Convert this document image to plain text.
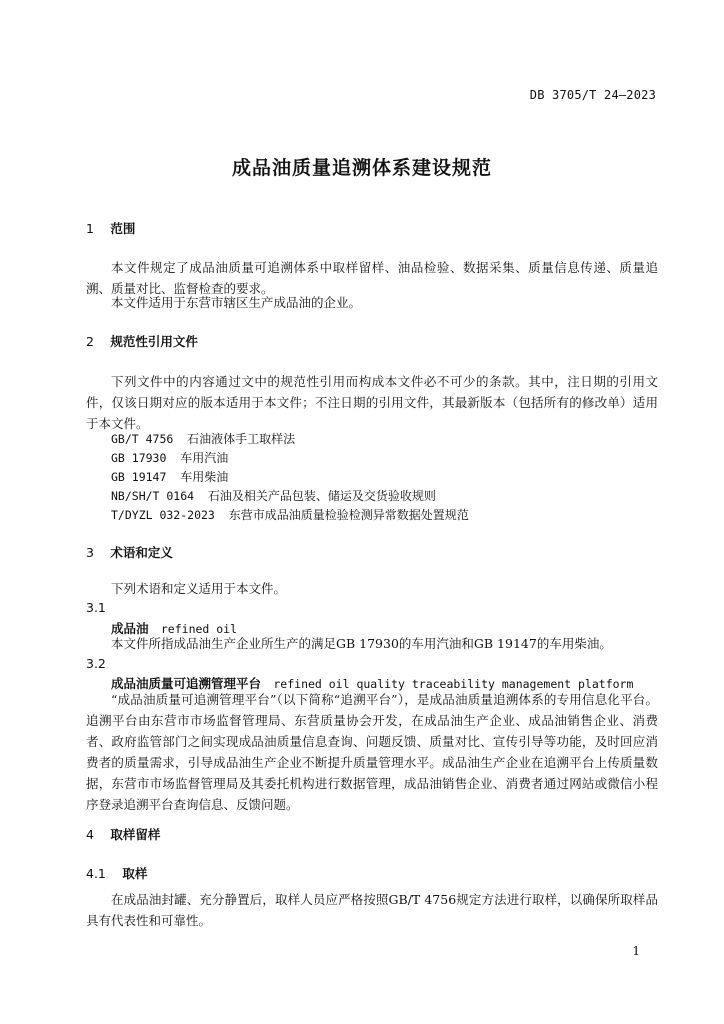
DB 3705/T 24—2023
成品油质量追溯体系建设规范
1 范围
本文件规定了成品油质量可追溯体系中取样留样、油品检验、数据采集、质量信息传递、质量追溯、质量对比、监督检查的要求。
本文件适用于东营市辖区生产成品油的企业。
2 规范性引用文件
下列文件中的内容通过文中的规范性引用而构成本文件必不可少的条款。其中，注日期的引用文件，仅该日期对应的版本适用于本文件；不注日期的引用文件，其最新版本（包括所有的修改单）适用于本文件。
GB/T 4756 石油液体手工取样法
GB 17930 车用汽油
GB 19147 车用柴油
NB/SH/T 0164 石油及相关产品包装、储运及交货验收规则
T/DYZL 032-2023 东营市成品油质量检验检测异常数据处置规范
3 术语和定义
下列术语和定义适用于本文件。
3.1
成品油 refined oil
本文件所指成品油生产企业所生产的满足GB 17930的车用汽油和GB 19147的车用柴油。
3.2
成品油质量可追溯管理平台 refined oil quality traceability management platform
“成品油质量可追溯管理平台”（以下简称“追溯平台”），是成品油质量追溯体系的专用信息化平台。追溯平台由东营市市场监督管理局、东营质量协会开发，在成品油生产企业、成品油销售企业、消费者、政府监管部门之间实现成品油质量信息查询、问题反馈、质量对比、宣传引导等功能，及时回应消费者的质量需求，引导成品油生产企业不断提升质量管理水平。成品油生产企业在追溯平台上传质量数据，东营市市场监督管理局及其委托机构进行数据管理，成品油销售企业、消费者通过网站或微信小程序登录追溯平台查询信息、反馈问题。
4 取样留样
4.1 取样
在成品油封罐、充分静置后，取样人员应严格按照GB/T 4756规定方法进行取样，以确保所取样品具有代表性和可靠性。
1
